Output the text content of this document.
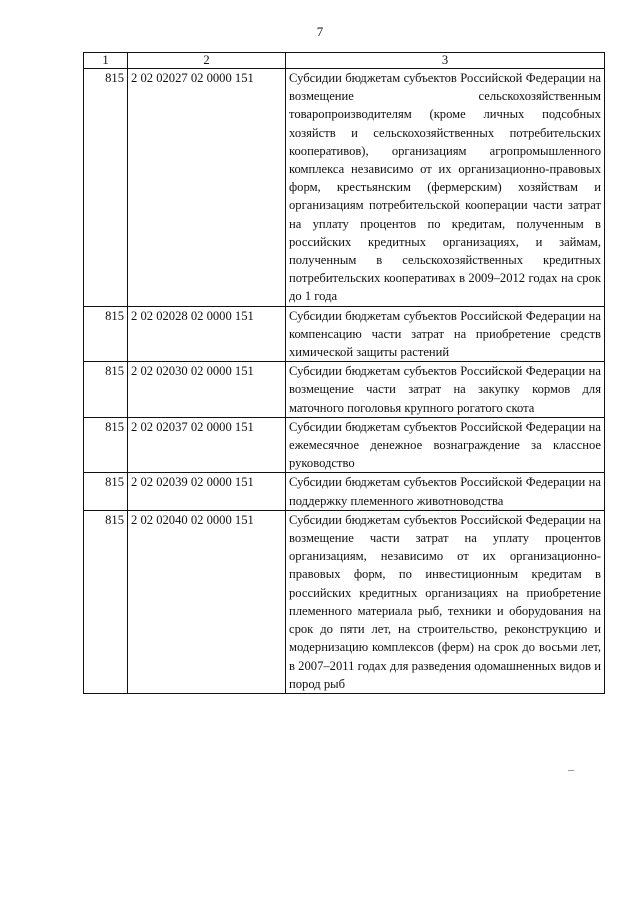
7
1	2	3
815	2 02 02027 02 0000 151	Субсидии бюджетам субъектов Российской Федерации на возмещение сельскохозяйственным товаропроизводителям (кроме личных подсобных хозяйств и сельскохозяйственных потребительских кооперативов), организациям агропромышленного комплекса независимо от их организационно-правовых форм, крестьянским (фермерским) хозяйствам и организациям потребительской кооперации части затрат на уплату процентов по кредитам, полученным в российских кредитных организациях, и займам, полученным в сельскохозяйственных кредитных потребительских кооперативах в 2009–2012 годах на срок до 1 года
815	2 02 02028 02 0000 151	Субсидии бюджетам субъектов Российской Федерации на компенсацию части затрат на приобретение средств химической защиты растений
815	2 02 02030 02 0000 151	Субсидии бюджетам субъектов Российской Федерации на возмещение части затрат на закупку кормов для маточного поголовья крупного рогатого скота
815	2 02 02037 02 0000 151	Субсидии бюджетам субъектов Российской Федерации на ежемесячное денежное вознаграждение за классное руководство
815	2 02 02039 02 0000 151	Субсидии бюджетам субъектов Российской Федерации на поддержку племенного животноводства
815	2 02 02040 02 0000 151	Субсидии бюджетам субъектов Российской Федерации на возмещение части затрат на уплату процентов организациям, независимо от их организационно-правовых форм, по инвестиционным кредитам в российских кредитных организациях на приобретение племенного материала рыб, техники и оборудования на срок до пяти лет, на строительство, реконструкцию и модернизацию комплексов (ферм) на срок до восьми лет, в 2007–2011 годах для разведения одомашненных видов и пород рыб
